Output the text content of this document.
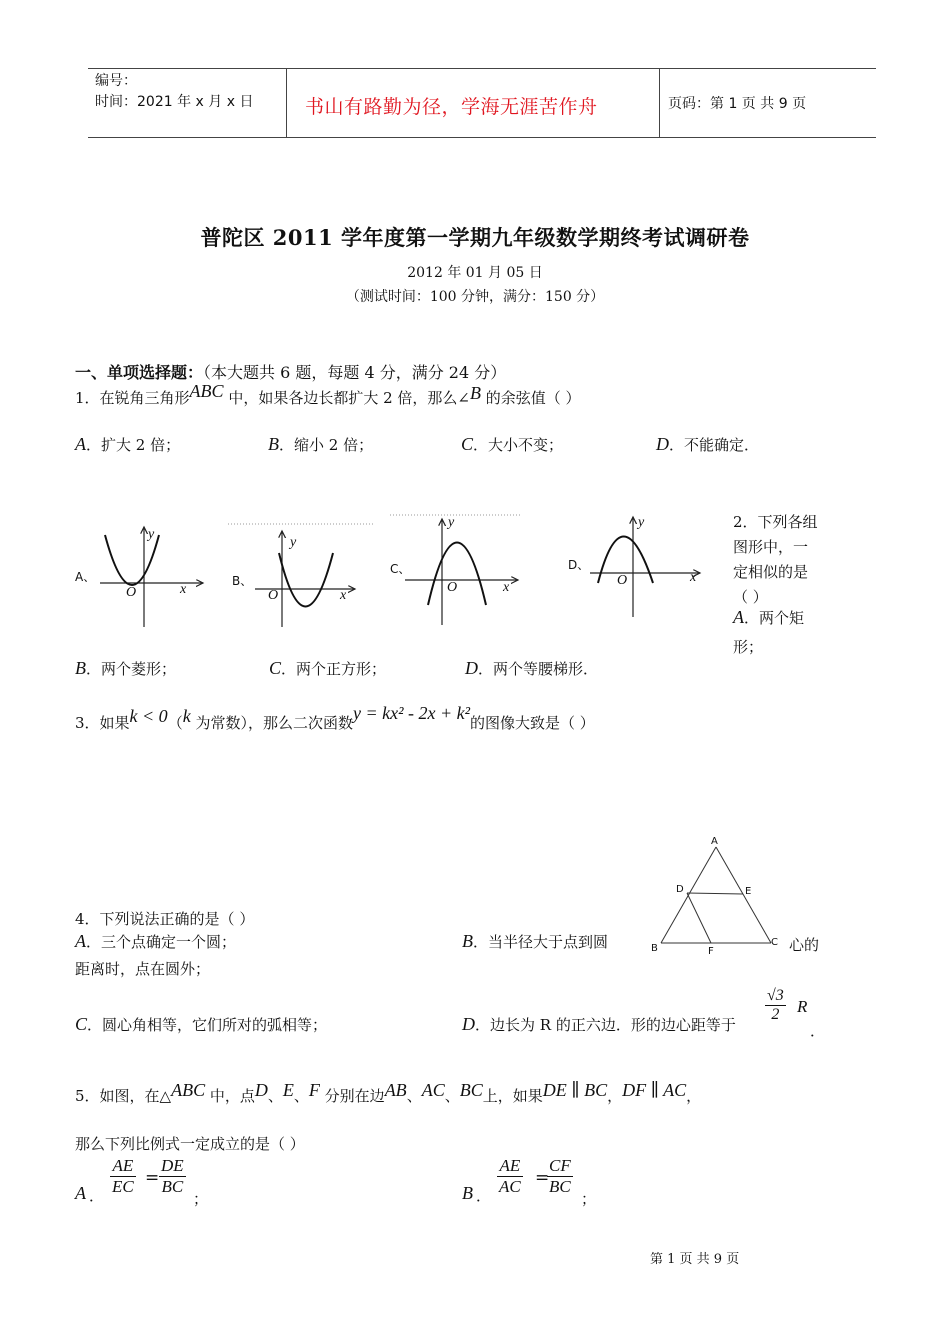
编号：
时间：2021 年 x 月 x 日	书山有路勤为径，学海无涯苦作舟	页码：第 1 页 共 9 页
普陀区 2011 学年度第一学期九年级数学期终考试调研卷
2012 年 01 月 05 日
（测试时间：100 分钟，满分：150 分）
一、单项选择题：（本大题共 6 题，每题 4 分，满分 24 分）
1．在锐角三角形ABC 中，如果各边长都扩大 2 倍，那么∠B 的余弦值（ ）
A．扩大 2 倍；	B．缩小 2 倍；	C．大小不变；	D．不能确定．
A、	B、
C、	D、
y
x
O
y
x
O
y
x
O
y
x
O
2．下列各组
图形中，一
定相似的是
（ ）
A．两个矩
形；
B．两个菱形；	C．两个正方形；	D．两个等腰梯形．
3．如果k < 0（k 为常数），那么二次函数y = kx² - 2x + k²的图像大致是（ ）
A
D	E
B	F
C
4．下列说法正确的是（ ）
A．三个点确定一个圆；	B．当半径大于点到圆	心的
距离时，点在圆外；
C．圆心角相等，它们所对的弧相等；	D．边长为 R 的正六边．形的边心距等于
$\frac{√3}{2}$ R
．
5．如图，在△ABC 中，点D、E、F 分别在边AB、AC、BC上，如果DE ∥ BC，DF ∥ AC，
那么下列比例式一定成立的是（ ）
A ． $\frac{AE}{EC} = \frac{DE}{BC}$
；	B ． $\frac{AE}{AC}$ =
$\frac{CF}{BC}$
；
第 1 页 共 9 页
